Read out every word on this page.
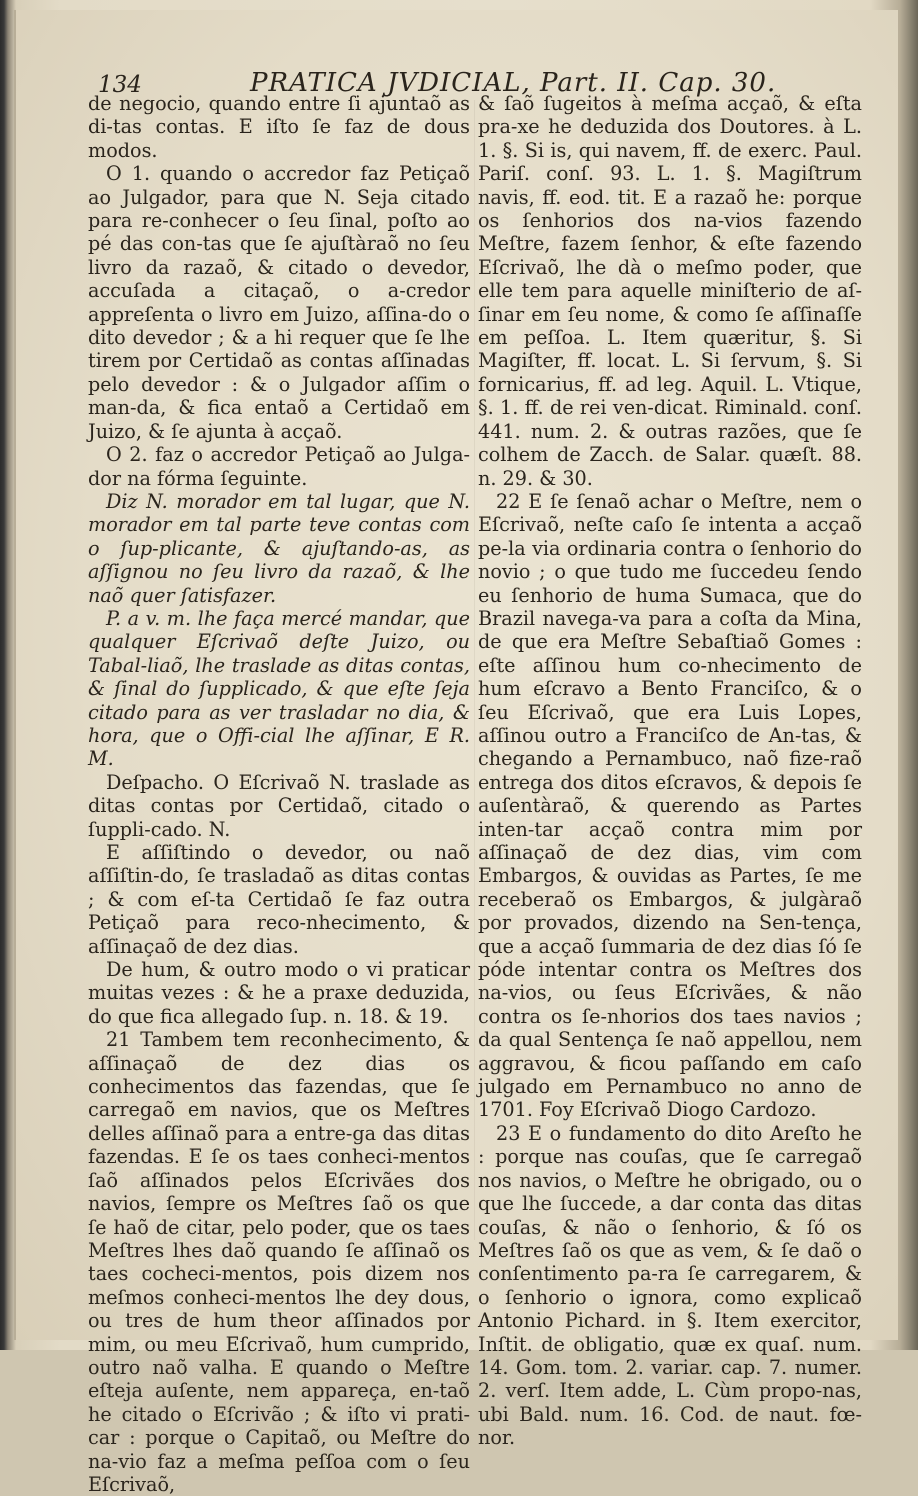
134	PRATICA JVDICIAL, Part. II. Cap. 30.

de negocio, quando entre ſi ajuntaõ as di-tas contas. E iſto ſe faz de dous modos.

O 1. quando o accredor faz Petiçaõ ao Julgador, para que N. Seja citado para re-conhecer o ſeu ſinal, poſto ao pé das con-tas que ſe ajuſtàraõ no ſeu livro da razaõ, & citado o devedor, accuſada a citaçaõ, o a-credor appreſenta o livro em Juizo, aſſina-do o dito devedor ; & a hi requer que ſe lhe tirem por Certidaõ as contas aſſinadas pelo devedor : & o Julgador aſſim o man-da, & fica entaõ a Certidaõ em Juizo, & ſe ajunta à acçaõ.

O 2. faz o accredor Petiçaõ ao Julga-dor na fórma ſeguinte.

Diz N. morador em tal lugar, que N. morador em tal parte teve contas com o ſup-plicante, & ajuſtando-as, as aſſignou no ſeu livro da razaõ, & lhe naõ quer ſatisfazer.

P. a v. m. lhe faça mercé mandar, que qualquer Eſcrivaõ deſte Juizo, ou Tabal-liaõ, lhe traslade as ditas contas, & ſinal do ſupplicado, & que eſte ſeja citado para as ver trasladar no dia, & hora, que o Offi-cial lhe aſſinar, E R. M.

Deſpacho. O Eſcrivaõ N. traslade as ditas contas por Certidaõ, citado o ſuppli-cado. N.

E aſſiſtindo o devedor, ou naõ aſſiſtin-do, ſe trasladaõ as ditas contas ; & com eſ-ta Certidaõ ſe faz outra Petiçaõ para reco-nhecimento, & aſſinaçaõ de dez dias.

De hum, & outro modo o vi praticar muitas vezes : & he a praxe deduzida, do que fica allegado ſup. n. 18. & 19.

21 Tambem tem reconhecimento, & aſſinaçaõ de dez dias os conhecimentos das fazendas, que ſe carregaõ em navios, que os Meſtres delles aſſinaõ para a entre-ga das ditas fazendas. E ſe os taes conheci-mentos ſaõ aſſinados pelos Eſcrivães dos navios, ſempre os Meſtres ſaõ os que ſe haõ de citar, pelo poder, que os taes Meſtres lhes daõ quando ſe aſſinaõ os taes cocheci-mentos, pois dizem nos meſmos conheci-mentos lhe dey dous, ou tres de hum theor aſſinados por mim, ou meu Eſcrivaõ, hum cumprido, outro naõ valha. E quando o Meſtre eſteja auſente, nem appareça, en-taõ he citado o Eſcrivão ; & iſto vi prati-car : porque o Capitaõ, ou Meſtre do na-vio faz a meſma peſſoa com o ſeu Eſcrivaõ,

& ſaõ ſugeitos à meſma acçaõ, & eſta pra-xe he deduzida dos Doutores. à L. 1. §. Si is, qui navem, ff. de exerc. Paul. Pariſ. conſ. 93. L. 1. §. Magiſtrum navis, ff. eod. tit. E a razaõ he: porque os ſenhorios dos na-vios fazendo Meſtre, fazem ſenhor, & eſte fazendo Eſcrivaõ, lhe dà o meſmo poder, que elle tem para aquelle miniſterio de aſ-ſinar em ſeu nome, & como ſe aſſinaſſe em peſſoa. L. Item quæritur, §. Si Magiſter, ff. locat. L. Si ſervum, §. Si fornicarius, ff. ad leg. Aquil. L. Vtique, §. 1. ff. de rei ven-dicat. Riminald. conſ. 441. num. 2. & outras razões, que ſe colhem de Zacch. de Salar. quæſt. 88. n. 29. & 30.

22 E ſe ſenaõ achar o Meſtre, nem o Eſcrivaõ, neſte caſo ſe intenta a acçaõ pe-la via ordinaria contra o ſenhorio do novio ; o que tudo me ſuccedeu ſendo eu ſenhorio de huma Sumaca, que do Brazil navega-va para a coſta da Mina, de que era Meſtre Sebaſtiaõ Gomes : eſte aſſinou hum co-nhecimento de hum eſcravo a Bento Franciſco, & o ſeu Eſcrivaõ, que era Luis Lopes, aſſinou outro a Franciſco de An-tas, & chegando a Pernambuco, naõ fize-raõ entrega dos ditos eſcravos, & depois ſe auſentàraõ, & querendo as Partes inten-tar acçaõ contra mim por aſſinaçaõ de dez dias, vim com Embargos, & ouvidas as Partes, ſe me receberaõ os Embargos, & julgàraõ por provados, dizendo na Sen-tença, que a acçaõ ſummaria de dez dias ſó ſe póde intentar contra os Meſtres dos na-vios, ou ſeus Eſcrivães, & não contra os ſe-nhorios dos taes navios ; da qual Sentença ſe naõ appellou, nem aggravou, & ficou paſſando em caſo julgado em Pernambuco no anno de 1701. Foy Eſcrivaõ Diogo Cardozo.

23 E o fundamento do dito Areſto he : porque nas couſas, que ſe carregaõ nos navios, o Meſtre he obrigado, ou o que lhe ſuccede, a dar conta das ditas couſas, & não o ſenhorio, & ſó os Meſtres ſaõ os que as vem, & ſe daõ o conſentimento pa-ra ſe carregarem, & o ſenhorio o ignora, como explicaõ Antonio Pichard. in §. Item exercitor, Inſtit. de obligatio, quæ ex quaſ. num. 14. Gom. tom. 2. variar. cap. 7. numer. 2. verſ. Item adde, L. Cùm propo-nas, ubi Bald. num. 16. Cod. de naut. fœ-nor.
